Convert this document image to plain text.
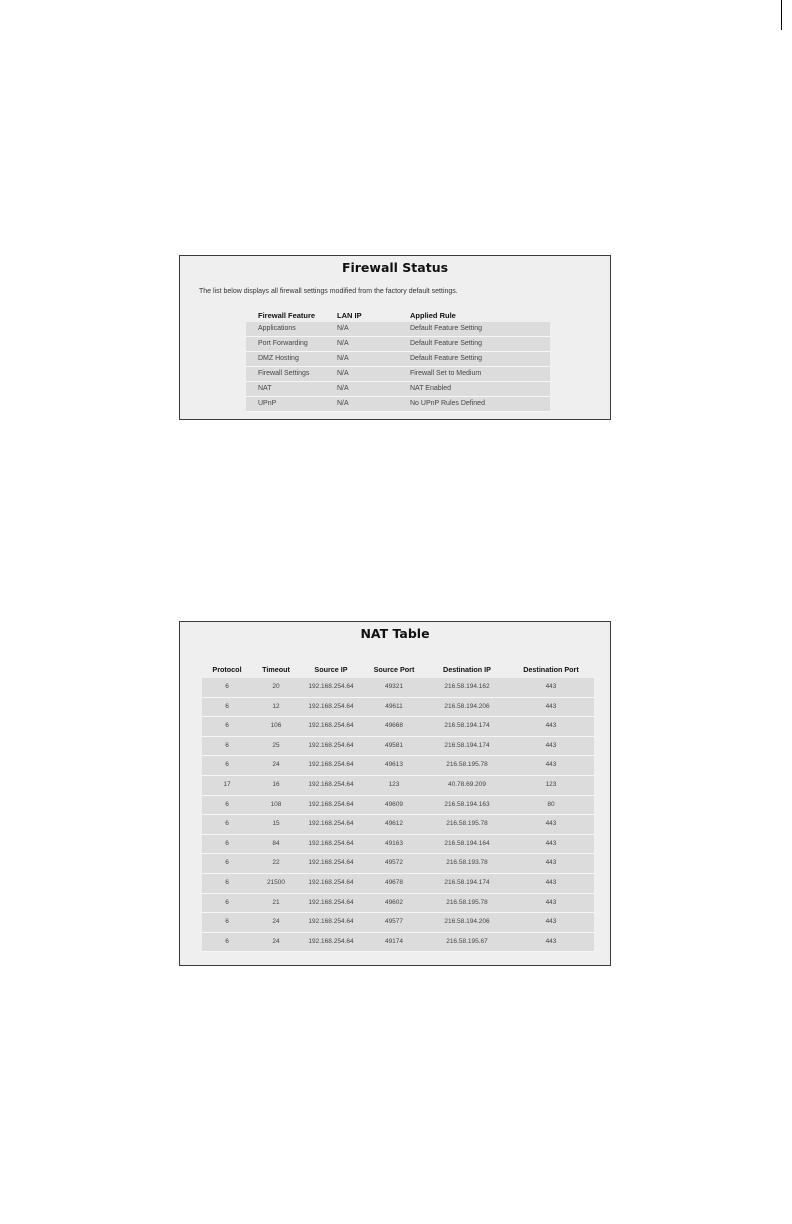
Firewall Status
The list below displays all firewall settings modified from the factory default settings.
Firewall Feature	LAN IP	Applied Rule
Applications	N/A	Default Feature Setting
Port Forwarding	N/A	Default Feature Setting
DMZ Hosting	N/A	Default Feature Setting
Firewall Settings	N/A	Firewall Set to Medium
NAT	N/A	NAT Enabled
UPnP	N/A	No UPnP Rules Defined
NAT Table
Protocol	Timeout	Source IP	Source Port	Destination IP	Destination Port
6	20	192.168.254.64	49321	216.58.194.162	443
6	12	192.168.254.64	49611	216.58.194.206	443
6	106	192.168.254.64	49668	216.58.194.174	443
6	25	192.168.254.64	49581	216.58.194.174	443
6	24	192.168.254.64	49613	216.58.195.78	443
17	16	192.168.254.64	123	40.78.69.209	123
6	108	192.168.254.64	49609	216.58.194.163	80
6	15	192.168.254.64	49612	216.58.195.78	443
6	84	192.168.254.64	49163	216.58.194.164	443
6	22	192.168.254.64	49572	216.58.193.78	443
6	21500	192.168.254.64	49678	216.58.194.174	443
6	21	192.168.254.64	49602	216.58.195.78	443
6	24	192.168.254.64	49577	216.58.194.206	443
6	24	192.168.254.64	49174	216.58.195.67	443
